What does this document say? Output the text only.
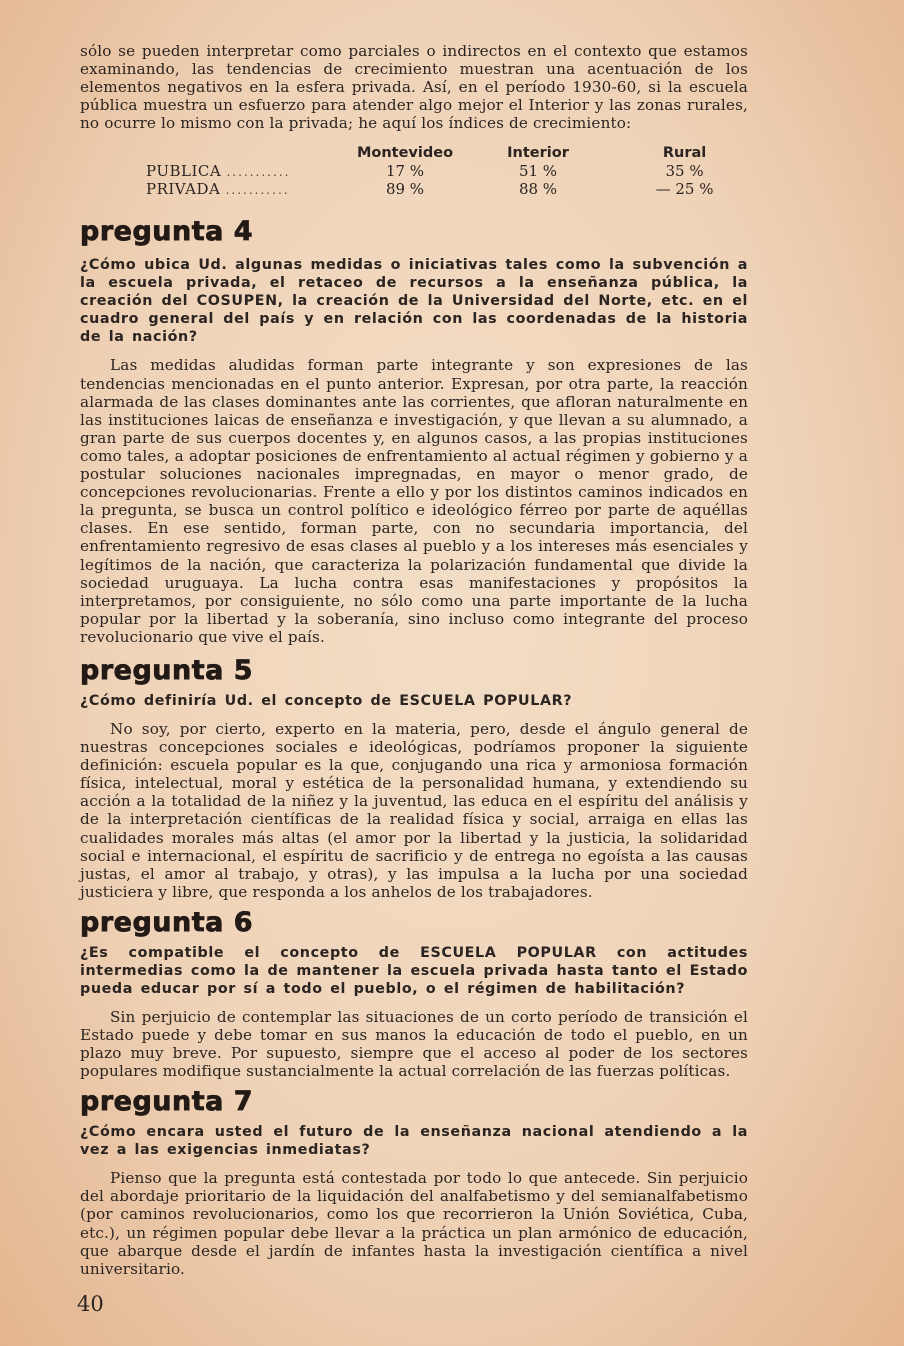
sólo se pueden interpretar como parciales o indirectos en el contexto que estamos examinando, las tendencias de crecimiento muestran una acentuación de los elementos negativos en la esfera privada. Así, en el período 1930-60, si la escuela pública muestra un esfuerzo para atender algo mejor el Interior y las zonas rurales, no ocurre lo mismo con la privada; he aquí los índices de crecimiento:

	Montevideo	Interior	Rural
PUBLICA ...........	17 %	51 %	35 %
PRIVADA ...........	89 %	88 %	— 25 %
pregunta 4

¿Cómo ubica Ud. algunas medidas o iniciativas tales como la subvención a la escuela privada, el retaceo de recursos a la enseñanza pública, la creación del COSUPEN, la creación de la Universidad del Norte, etc. en el cuadro general del país y en relación con las coordenadas de la historia de la nación?

Las medidas aludidas forman parte integrante y son expresiones de las tendencias mencionadas en el punto anterior. Expresan, por otra parte, la reacción alarmada de las clases dominantes ante las corrientes, que afloran naturalmente en las instituciones laicas de enseñanza e investigación, y que llevan a su alumnado, a gran parte de sus cuerpos docentes y, en algunos casos, a las propias instituciones como tales, a adoptar posiciones de enfrentamiento al actual régimen y gobierno y a postular soluciones nacionales impregnadas, en mayor o menor grado, de concepciones revolucionarias. Frente a ello y por los distintos caminos indicados en la pregunta, se busca un control político e ideológico férreo por parte de aquéllas clases. En ese sentido, forman parte, con no secundaria importancia, del enfrentamiento regresivo de esas clases al pueblo y a los intereses más esenciales y legítimos de la nación, que caracteriza la polarización fundamental que divide la sociedad uruguaya. La lucha contra esas manifestaciones y propósitos la interpretamos, por consiguiente, no sólo como una parte importante de la lucha popular por la libertad y la soberanía, sino incluso como integrante del proceso revolucionario que vive el país.

pregunta 5

¿Cómo definiría Ud. el concepto de ESCUELA POPULAR?

No soy, por cierto, experto en la materia, pero, desde el ángulo general de nuestras concepciones sociales e ideológicas, podríamos proponer la siguiente definición: escuela popular es la que, conjugando una rica y armoniosa formación física, intelectual, moral y estética de la personalidad humana, y extendiendo su acción a la totalidad de la niñez y la juventud, las educa en el espíritu del análisis y de la interpretación científicas de la realidad física y social, arraiga en ellas las cualidades morales más altas (el amor por la libertad y la justicia, la solidaridad social e internacional, el espíritu de sacrificio y de entrega no egoísta a las causas justas, el amor al trabajo, y otras), y las impulsa a la lucha por una sociedad justiciera y libre, que responda a los anhelos de los trabajadores.

pregunta 6

¿Es compatible el concepto de ESCUELA POPULAR con actitudes intermedias como la de mantener la escuela privada hasta tanto el Estado pueda educar por sí a todo el pueblo, o el régimen de habilitación?

Sin perjuicio de contemplar las situaciones de un corto período de transición el Estado puede y debe tomar en sus manos la educación de todo el pueblo, en un plazo muy breve. Por supuesto, siempre que el acceso al poder de los sectores populares modifique sustancialmente la actual correlación de las fuerzas políticas.

pregunta 7

¿Cómo encara usted el futuro de la enseñanza nacional atendiendo a la vez a las exigencias inmediatas?

Pienso que la pregunta está contestada por todo lo que antecede. Sin perjuicio del abordaje prioritario de la liquidación del analfabetismo y del semianalfabetismo (por caminos revolucionarios, como los que recorrieron la Unión Soviética, Cuba, etc.), un régimen popular debe llevar a la práctica un plan armónico de educación, que abarque desde el jardín de infantes hasta la investigación científica a nivel universitario.

40
